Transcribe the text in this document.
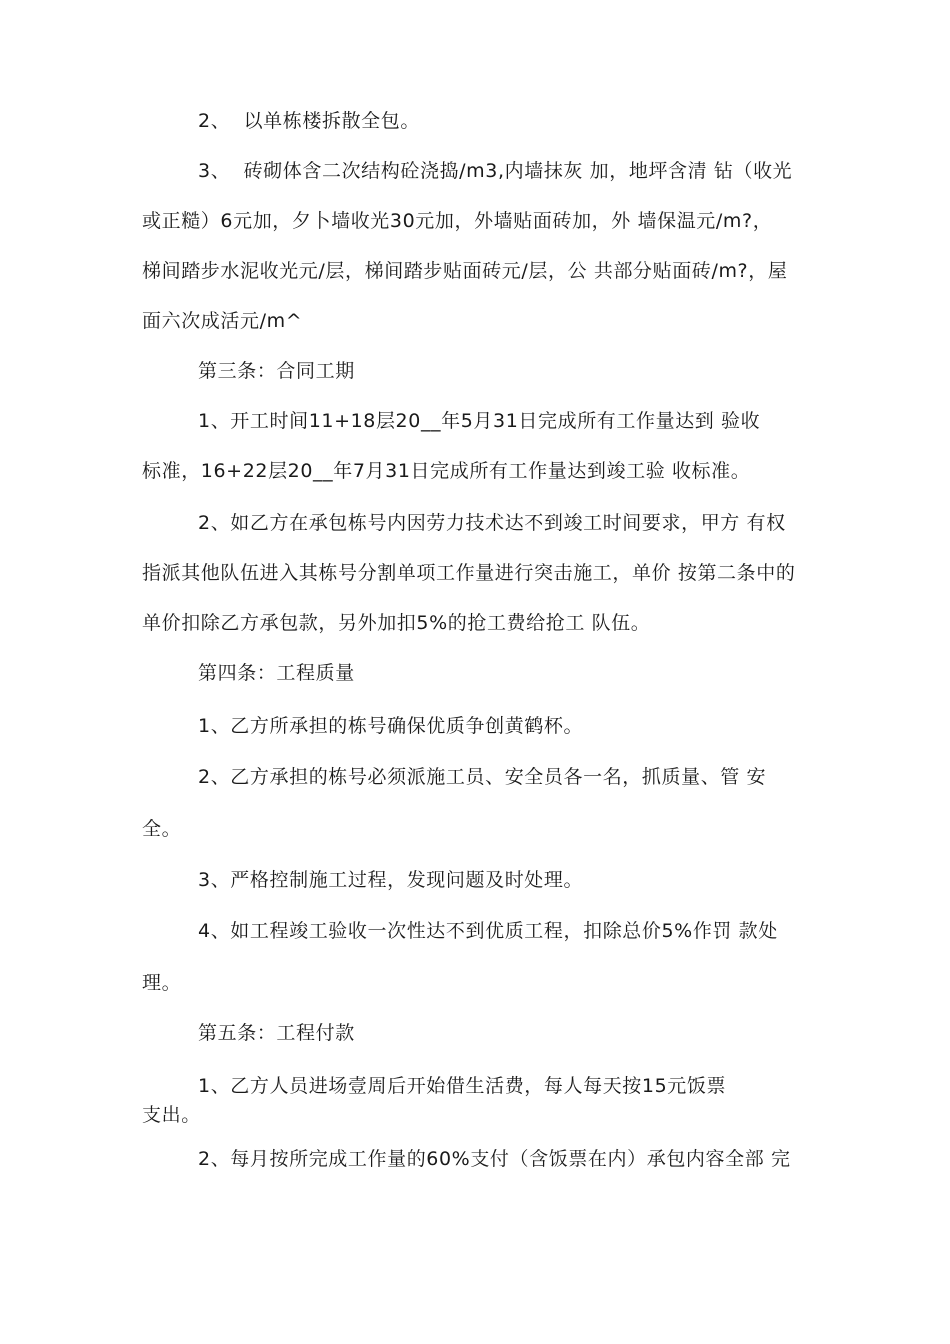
2、  以单栋楼拆散全包。
3、  砖砌体含二次结构砼浇捣/m3,内墙抹灰 加，地坪含清 钻（收光
或正糙）6元加，夕卜墙收光30元加，外墙贴面砖加，外 墙保温元/m?，
梯间踏步水泥收光元/层，梯间踏步贴面砖元/层，公 共部分贴面砖/m?，屋
面六次成活元/m^
第三条：合同工期
1、开工时间11+18层20__年5月31日完成所有工作量达到 验收
标准，16+22层20__年7月31日完成所有工作量达到竣工验 收标准。
2、如乙方在承包栋号内因劳力技术达不到竣工时间要求，甲方 有权
指派其他队伍进入其栋号分割单项工作量进行突击施工，单价 按第二条中的
单价扣除乙方承包款，另外加扣5%的抢工费给抢工 队伍。
第四条：工程质量
1、乙方所承担的栋号确保优质争创黄鹤杯。
2、乙方承担的栋号必须派施工员、安全员各一名，抓质量、管 安
全。
3、严格控制施工过程，发现问题及时处理。
4、如工程竣工验收一次性达不到优质工程，扣除总价5%作罚 款处
理。
第五条：工程付款
1、乙方人员进场壹周后开始借生活费，每人每天按15元饭票
支出。
2、每月按所完成工作量的60%支付（含饭票在内）承包内容全部 完
